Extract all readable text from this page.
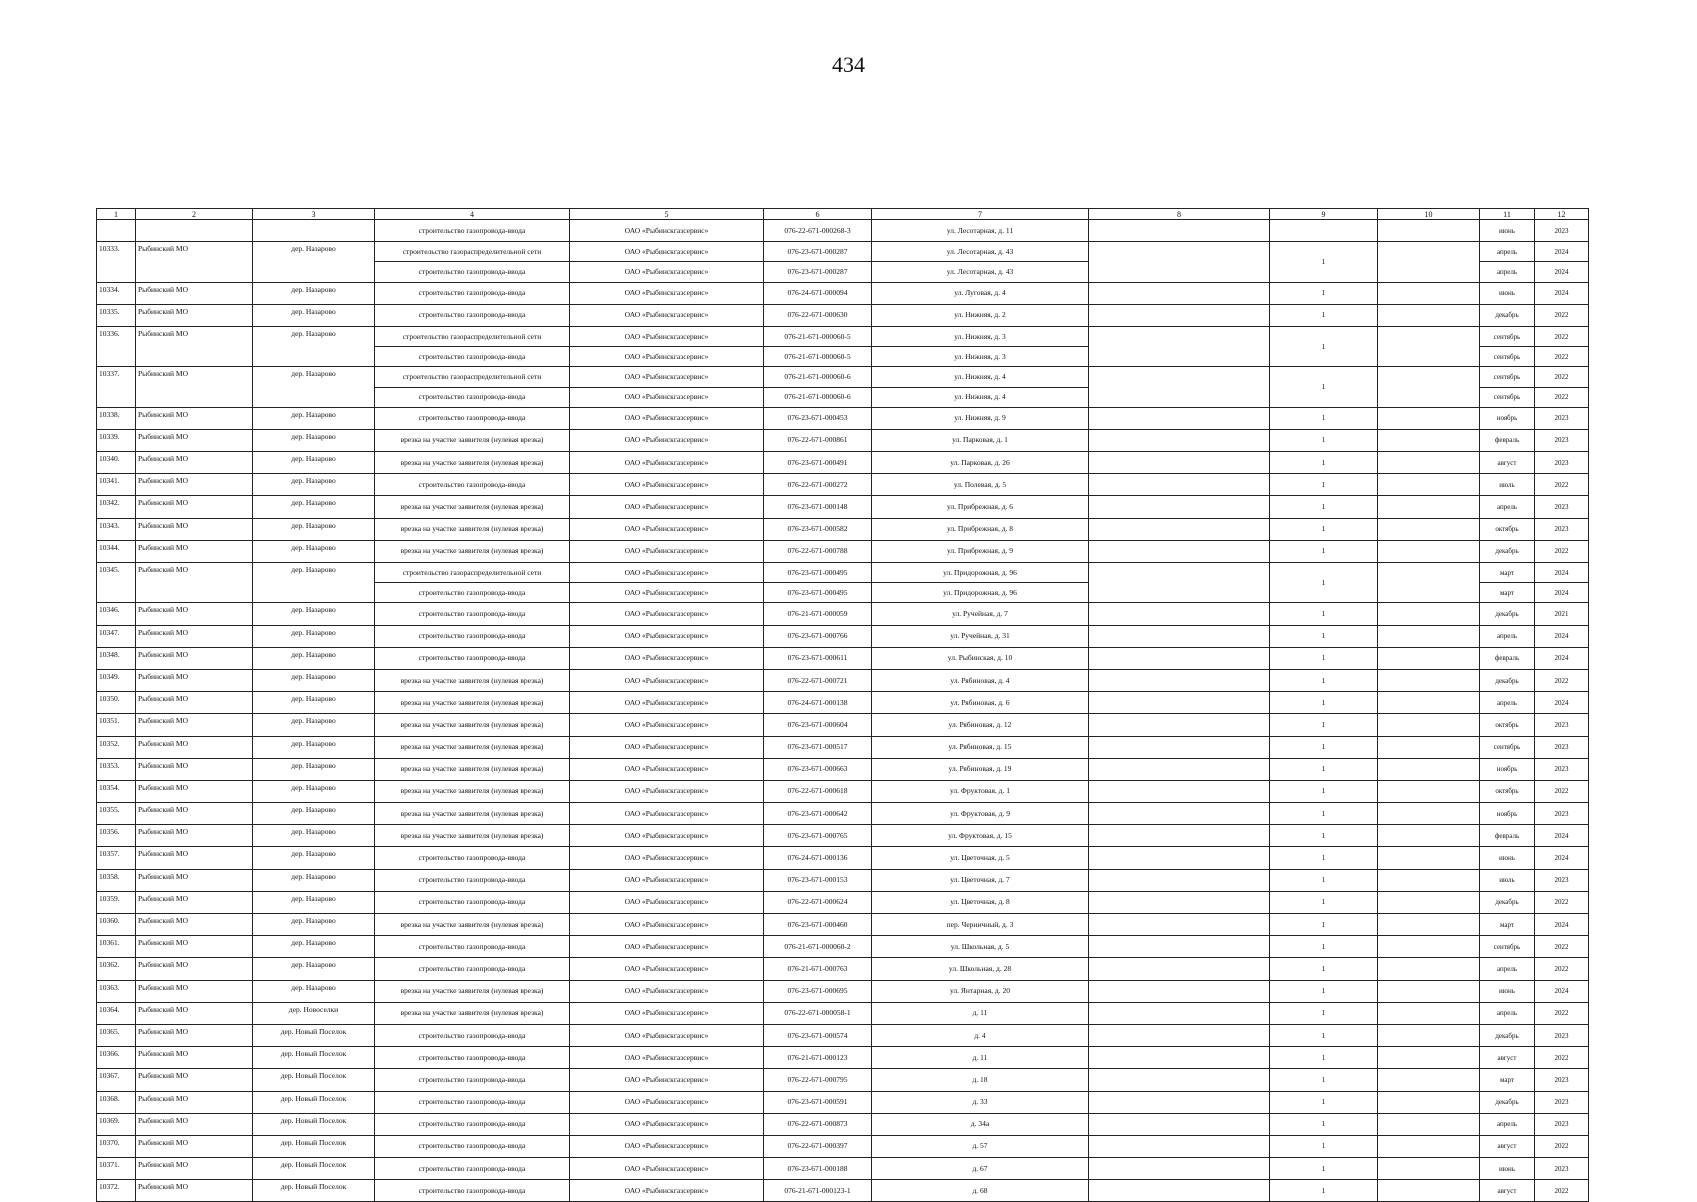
434
1	2	3	4	5	6	7	8	9	10	11	12
			строительство газопровода-ввода	ОАО «Рыбинскгазсервис»	076-22-671-000268-3	ул. Лесотарная, д. 11				июнь	2023
10333.	Рыбинский МО	дер. Назарово	строительство газораспределительной сети	ОАО «Рыбинскгазсервис»	076-23-671-000287	ул. Лесотарная, д. 43		1		апрель	2024
			строительство газопровода-ввода	ОАО «Рыбинскгазсервис»	076-23-671-000287	ул. Лесотарная, д. 43				апрель	2024
10334.	Рыбинский МО	дер. Назарово	строительство газопровода-ввода	ОАО «Рыбинскгазсервис»	076-24-671-000094	ул. Луговая, д. 4		1		июнь	2024
10335.	Рыбинский МО	дер. Назарово	строительство газопровода-ввода	ОАО «Рыбинскгазсервис»	076-22-671-000630	ул. Нижняя, д. 2		1		декабрь	2022
10336.	Рыбинский МО	дер. Назарово	строительство газораспределительной сети	ОАО «Рыбинскгазсервис»	076-21-671-000060-5	ул. Нижняя, д. 3		1		сентябрь	2022
			строительство газопровода-ввода	ОАО «Рыбинскгазсервис»	076-21-671-000060-5	ул. Нижняя, д. 3				сентябрь	2022
10337.	Рыбинский МО	дер. Назарово	строительство газораспределительной сети	ОАО «Рыбинскгазсервис»	076-21-671-000060-6	ул. Нижняя, д. 4		1		сентябрь	2022
			строительство газопровода-ввода	ОАО «Рыбинскгазсервис»	076-21-671-000060-6	ул. Нижняя, д. 4				сентябрь	2022
10338.	Рыбинский МО	дер. Назарово	строительство газопровода-ввода	ОАО «Рыбинскгазсервис»	076-23-671-000453	ул. Нижняя, д. 9		1		ноябрь	2023
10339.	Рыбинский МО	дер. Назарово	врезка на участке заявителя (нулевая врезка)	ОАО «Рыбинскгазсервис»	076-22-671-000861	ул. Парковая, д. 1		1		февраль	2023
10340.	Рыбинский МО	дер. Назарово	врезка на участке заявителя (нулевая врезка)	ОАО «Рыбинскгазсервис»	076-23-671-000491	ул. Парковая, д. 26		1		август	2023
10341.	Рыбинский МО	дер. Назарово	строительство газопровода-ввода	ОАО «Рыбинскгазсервис»	076-22-671-000272	ул. Полевая, д. 5		1		июль	2022
10342.	Рыбинский МО	дер. Назарово	врезка на участке заявителя (нулевая врезка)	ОАО «Рыбинскгазсервис»	076-23-671-000148	ул. Прибрежная, д. 6		1		апрель	2023
10343.	Рыбинский МО	дер. Назарово	врезка на участке заявителя (нулевая врезка)	ОАО «Рыбинскгазсервис»	076-23-671-000582	ул. Прибрежная, д. 8		1		октябрь	2023
10344.	Рыбинский МО	дер. Назарово	врезка на участке заявителя (нулевая врезка)	ОАО «Рыбинскгазсервис»	076-22-671-000788	ул. Прибрежная, д. 9		1		декабрь	2022
10345.	Рыбинский МО	дер. Назарово	строительство газораспределительной сети	ОАО «Рыбинскгазсервис»	076-23-671-000495	ул. Придорожная, д. 96		1		март	2024
			строительство газопровода-ввода	ОАО «Рыбинскгазсервис»	076-23-671-000495	ул. Придорожная, д. 96				март	2024
10346.	Рыбинский МО	дер. Назарово	строительство газопровода-ввода	ОАО «Рыбинскгазсервис»	076-21-671-000059	ул. Ручейная, д. 7		1		декабрь	2021
10347.	Рыбинский МО	дер. Назарово	строительство газопровода-ввода	ОАО «Рыбинскгазсервис»	076-23-671-000766	ул. Ручейная, д. 31		1		апрель	2024
10348.	Рыбинский МО	дер. Назарово	строительство газопровода-ввода	ОАО «Рыбинскгазсервис»	076-23-671-000611	ул. Рыбинская, д. 10		1		февраль	2024
10349.	Рыбинский МО	дер. Назарово	врезка на участке заявителя (нулевая врезка)	ОАО «Рыбинскгазсервис»	076-22-671-000721	ул. Рябиновая, д. 4		1		декабрь	2022
10350.	Рыбинский МО	дер. Назарово	врезка на участке заявителя (нулевая врезка)	ОАО «Рыбинскгазсервис»	076-24-671-000138	ул. Рябиновая, д. 6		1		апрель	2024
10351.	Рыбинский МО	дер. Назарово	врезка на участке заявителя (нулевая врезка)	ОАО «Рыбинскгазсервис»	076-23-671-000604	ул. Рябиновая, д. 12		1		октябрь	2023
10352.	Рыбинский МО	дер. Назарово	врезка на участке заявителя (нулевая врезка)	ОАО «Рыбинскгазсервис»	076-23-671-000517	ул. Рябиновая, д. 15		1		сентябрь	2023
10353.	Рыбинский МО	дер. Назарово	врезка на участке заявителя (нулевая врезка)	ОАО «Рыбинскгазсервис»	076-23-671-000663	ул. Рябиновая, д. 19		1		ноябрь	2023
10354.	Рыбинский МО	дер. Назарово	врезка на участке заявителя (нулевая врезка)	ОАО «Рыбинскгазсервис»	076-22-671-000618	ул. Фруктовая, д. 1		1		октябрь	2022
10355.	Рыбинский МО	дер. Назарово	врезка на участке заявителя (нулевая врезка)	ОАО «Рыбинскгазсервис»	076-23-671-000642	ул. Фруктовая, д. 9		1		ноябрь	2023
10356.	Рыбинский МО	дер. Назарово	врезка на участке заявителя (нулевая врезка)	ОАО «Рыбинскгазсервис»	076-23-671-000765	ул. Фруктовая, д. 15		1		февраль	2024
10357.	Рыбинский МО	дер. Назарово	строительство газопровода-ввода	ОАО «Рыбинскгазсервис»	076-24-671-000136	ул. Цветочная, д. 5		1		июнь	2024
10358.	Рыбинский МО	дер. Назарово	строительство газопровода-ввода	ОАО «Рыбинскгазсервис»	076-23-671-000153	ул. Цветочная, д. 7		1		июль	2023
10359.	Рыбинский МО	дер. Назарово	строительство газопровода-ввода	ОАО «Рыбинскгазсервис»	076-22-671-000624	ул. Цветочная, д. 8		1		декабрь	2022
10360.	Рыбинский МО	дер. Назарово	врезка на участке заявителя (нулевая врезка)	ОАО «Рыбинскгазсервис»	076-23-671-000460	пер. Черничный, д. 3		1		март	2024
10361.	Рыбинский МО	дер. Назарово	строительство газопровода-ввода	ОАО «Рыбинскгазсервис»	076-21-671-000060-2	ул. Школьная, д. 5		1		сентябрь	2022
10362.	Рыбинский МО	дер. Назарово	строительство газопровода-ввода	ОАО «Рыбинскгазсервис»	076-21-671-000763	ул. Школьная, д. 28		1		апрель	2022
10363.	Рыбинский МО	дер. Назарово	врезка на участке заявителя (нулевая врезка)	ОАО «Рыбинскгазсервис»	076-23-671-000695	ул. Янтарная, д. 20		1		июнь	2024
10364.	Рыбинский МО	дер. Новоселки	врезка на участке заявителя (нулевая врезка)	ОАО «Рыбинскгазсервис»	076-22-671-000058-1	д. 11		1		апрель	2022
10365.	Рыбинский МО	дер. Новый Поселок	строительство газопровода-ввода	ОАО «Рыбинскгазсервис»	076-23-671-000574	д. 4		1		декабрь	2023
10366.	Рыбинский МО	дер. Новый Поселок	строительство газопровода-ввода	ОАО «Рыбинскгазсервис»	076-21-671-000123	д. 11		1		август	2022
10367.	Рыбинский МО	дер. Новый Поселок	строительство газопровода-ввода	ОАО «Рыбинскгазсервис»	076-22-671-000795	д. 18		1		март	2023
10368.	Рыбинский МО	дер. Новый Поселок	строительство газопровода-ввода	ОАО «Рыбинскгазсервис»	076-23-671-000591	д. 33		1		декабрь	2023
10369.	Рыбинский МО	дер. Новый Поселок	строительство газопровода-ввода	ОАО «Рыбинскгазсервис»	076-22-671-000873	д. 34а		1		апрель	2023
10370.	Рыбинский МО	дер. Новый Поселок	строительство газопровода-ввода	ОАО «Рыбинскгазсервис»	076-22-671-000397	д. 57		1		август	2022
10371.	Рыбинский МО	дер. Новый Поселок	строительство газопровода-ввода	ОАО «Рыбинскгазсервис»	076-23-671-000188	д. 67		1		июнь	2023
10372.	Рыбинский МО	дер. Новый Поселок	строительство газопровода-ввода	ОАО «Рыбинскгазсервис»	076-21-671-000123-1	д. 68		1		август	2022
